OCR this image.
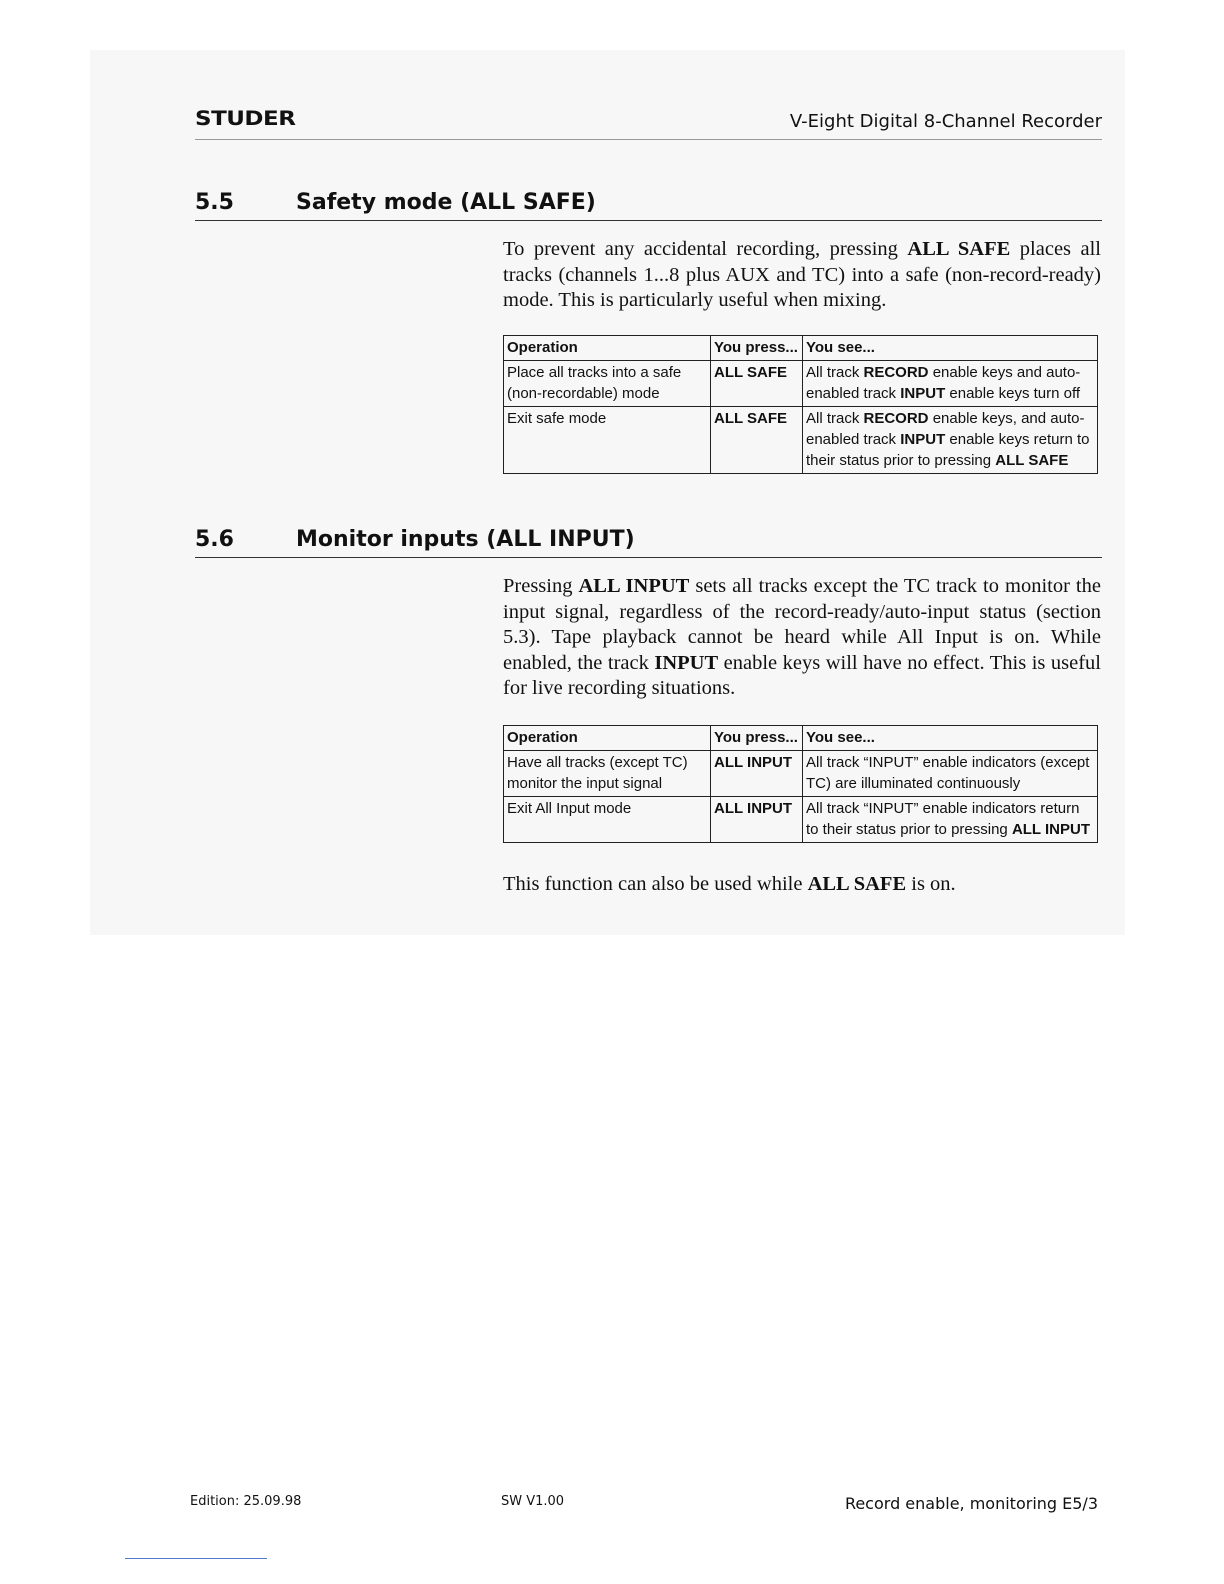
STUDER	V-Eight Digital 8-Channel Recorder
5.5	Safety mode (ALL SAFE)

To prevent any accidental recording, pressing ALL SAFE places all tracks (channels 1...8 plus AUX and TC) into a safe (non-record-ready) mode. This is particularly useful when mixing.

Operation	You press...	You see...
Place all tracks into a safe (non-recordable) mode	ALL SAFE	All track RECORD enable keys and auto-enabled track INPUT enable keys turn off
Exit safe mode	ALL SAFE	All track RECORD enable keys, and auto-enabled track INPUT enable keys return to their status prior to pressing ALL SAFE
5.6	Monitor inputs (ALL INPUT)

Pressing ALL INPUT sets all tracks except the TC track to monitor the input signal, regardless of the record-ready/auto-input status (section 5.3). Tape playback cannot be heard while All Input is on. While enabled, the track INPUT enable keys will have no effect. This is useful for live recording situations.

Operation	You press...	You see...
Have all tracks (except TC) monitor the input signal	ALL INPUT	All track “INPUT” enable indicators (except TC) are illuminated continuously
Exit All Input mode	ALL INPUT	All track “INPUT” enable indicators return to their status prior to pressing ALL INPUT

This function can also be used while ALL SAFE is on.

Edition: 25.09.98	SW V1.00	Record enable, monitoring E5/3
